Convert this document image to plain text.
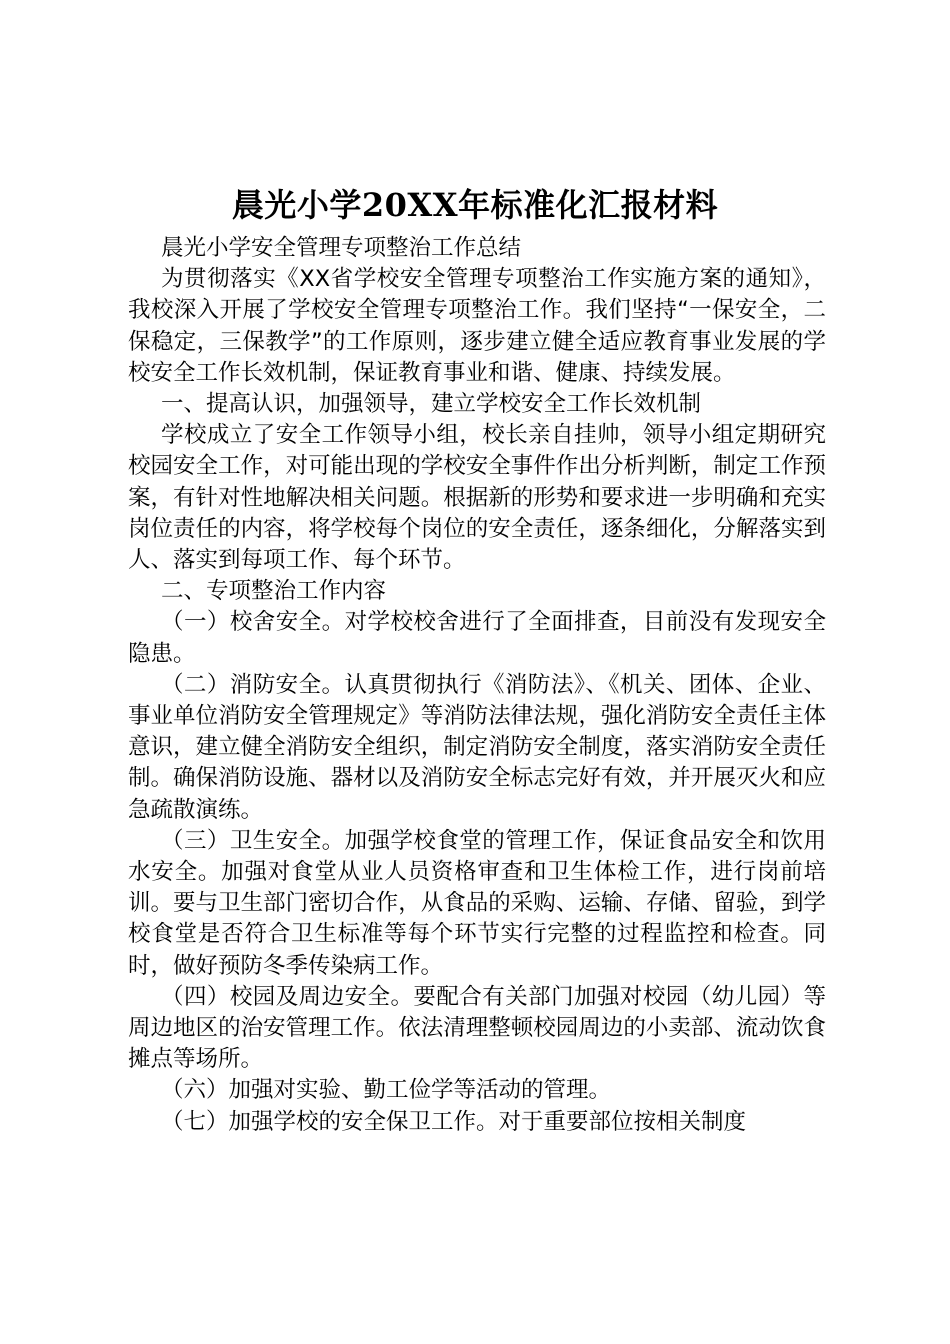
晨光小学20XX年标准化汇报材料

晨光小学安全管理专项整治工作总结

为贯彻落实《XX省学校安全管理专项整治工作实施方案的通知》，我校深入开展了学校安全管理专项整治工作。我们坚持“一保安全，二保稳定，三保教学”的工作原则，逐步建立健全适应教育事业发展的学校安全工作长效机制，保证教育事业和谐、健康、持续发展。

一、提高认识，加强领导，建立学校安全工作长效机制

学校成立了安全工作领导小组，校长亲自挂帅，领导小组定期研究校园安全工作，对可能出现的学校安全事件作出分析判断，制定工作预案，有针对性地解决相关问题。根据新的形势和要求进一步明确和充实岗位责任的内容，将学校每个岗位的安全责任，逐条细化，分解落实到人、落实到每项工作、每个环节。

二、专项整治工作内容

（一）校舍安全。对学校校舍进行了全面排查，目前没有发现安全隐患。

（二）消防安全。认真贯彻执行《消防法》、《机关、团体、企业、事业单位消防安全管理规定》等消防法律法规，强化消防安全责任主体意识，建立健全消防安全组织，制定消防安全制度，落实消防安全责任制。确保消防设施、器材以及消防安全标志完好有效，并开展灭火和应急疏散演练。

（三）卫生安全。加强学校食堂的管理工作，保证食品安全和饮用水安全。加强对食堂从业人员资格审查和卫生体检工作，进行岗前培训。要与卫生部门密切合作，从食品的采购、运输、存储、留验，到学校食堂是否符合卫生标准等每个环节实行完整的过程监控和检查。同时，做好预防冬季传染病工作。

（四）校园及周边安全。要配合有关部门加强对校园（幼儿园）等周边地区的治安管理工作。依法清理整顿校园周边的小卖部、流动饮食摊点等场所。

（六）加强对实验、勤工俭学等活动的管理。

（七）加强学校的安全保卫工作。对于重要部位按相关制度
